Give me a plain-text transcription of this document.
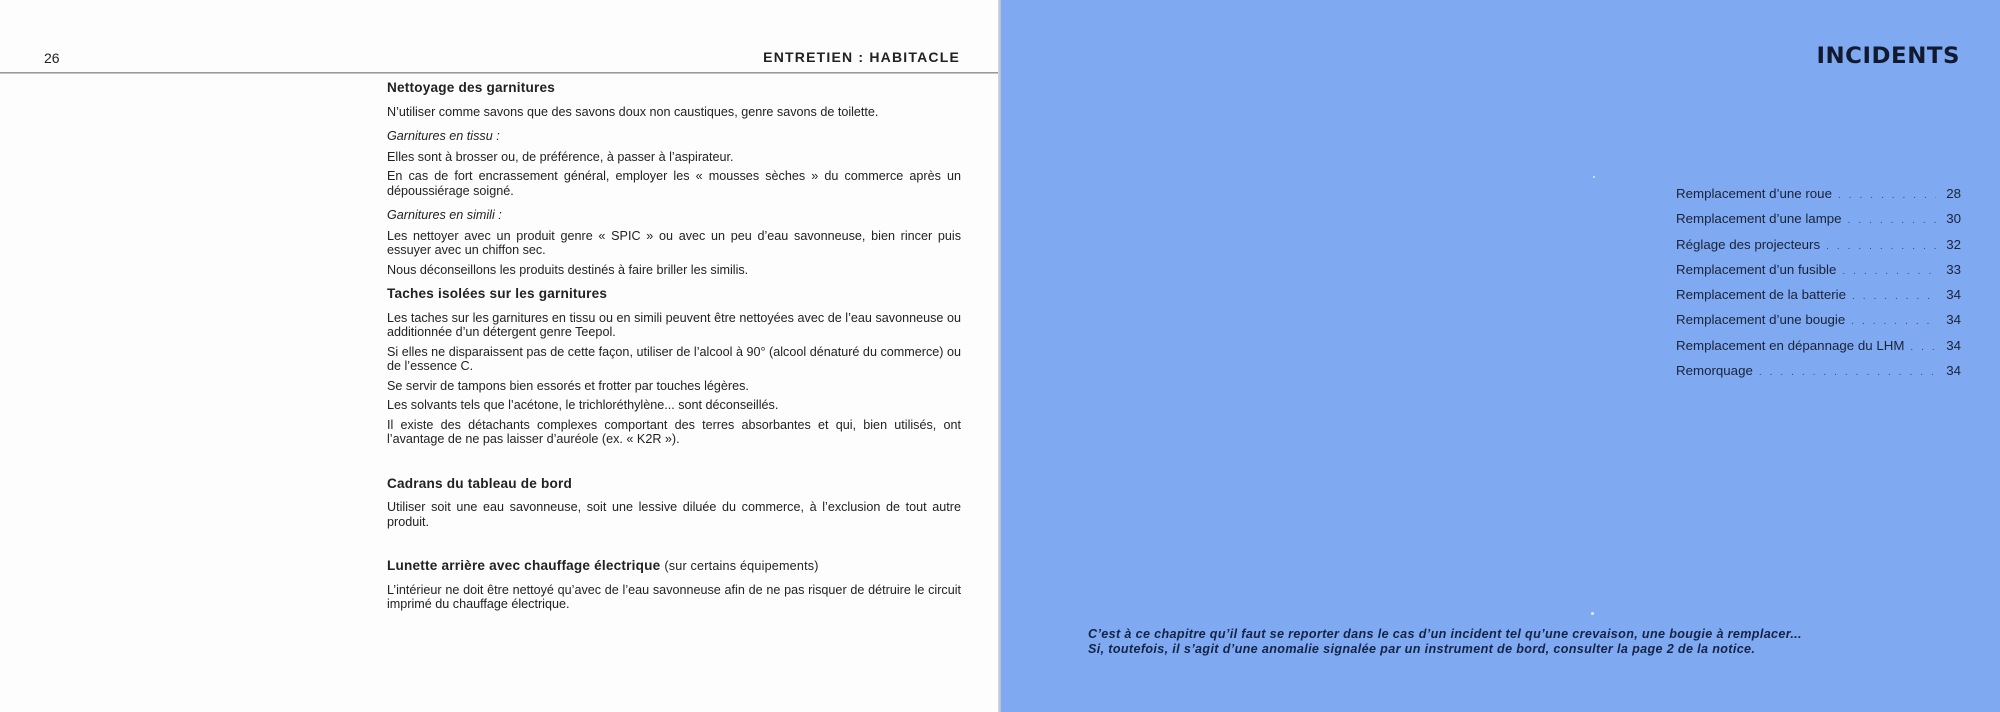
26	ENTRETIEN : HABITACLE
Nettoyage des garnitures
N’utiliser comme savons que des savons doux non caustiques, genre savons de toilette.
Garnitures en tissu :
Elles sont à brosser ou, de préférence, à passer à l’aspirateur.
En cas de fort encrassement général, employer les « mousses sèches » du commerce après un dépoussiérage soigné.
Garnitures en simili :
Les nettoyer avec un produit genre « SPIC » ou avec un peu d’eau savonneuse, bien rincer puis essuyer avec un chiffon sec.
Nous déconseillons les produits destinés à faire briller les similis.
Taches isolées sur les garnitures
Les taches sur les garnitures en tissu ou en simili peuvent être nettoyées avec de l’eau savonneuse ou additionnée d’un détergent genre Teepol.
Si elles ne disparaissent pas de cette façon, utiliser de l’alcool à 90° (alcool dénaturé du commerce) ou de l’essence C.
Se servir de tampons bien essorés et frotter par touches légères.
Les solvants tels que l’acétone, le trichloréthylène... sont déconseillés.
Il existe des détachants complexes comportant des terres absorbantes et qui, bien utilisés, ont l’avantage de ne pas laisser d’auréole (ex. « K2R »).
Cadrans du tableau de bord
Utiliser soit une eau savonneuse, soit une lessive diluée du commerce, à l’exclusion de tout autre produit.
Lunette arrière avec chauffage électrique (sur certains équipements)
L’intérieur ne doit être nettoyé qu’avec de l’eau savonneuse afin de ne pas risquer de détruire le circuit imprimé du chauffage électrique.
INCIDENTS
Remplacement d’une roue . . .	28
Remplacement d’une lampe . . .	30
Réglage des projecteurs . . .	32
Remplacement d’un fusible . . .	33
Remplacement de la batterie . . .	34
Remplacement d’une bougie . . .	34
Remplacement en dépannage du LHM . . .	34
Remorquage . . .	34
C’est à ce chapitre qu’il faut se reporter dans le cas d’un incident tel qu’une crevaison, une bougie à remplacer...
Si, toutefois, il s’agit d’une anomalie signalée par un instrument de bord, consulter la page 2 de la notice.
